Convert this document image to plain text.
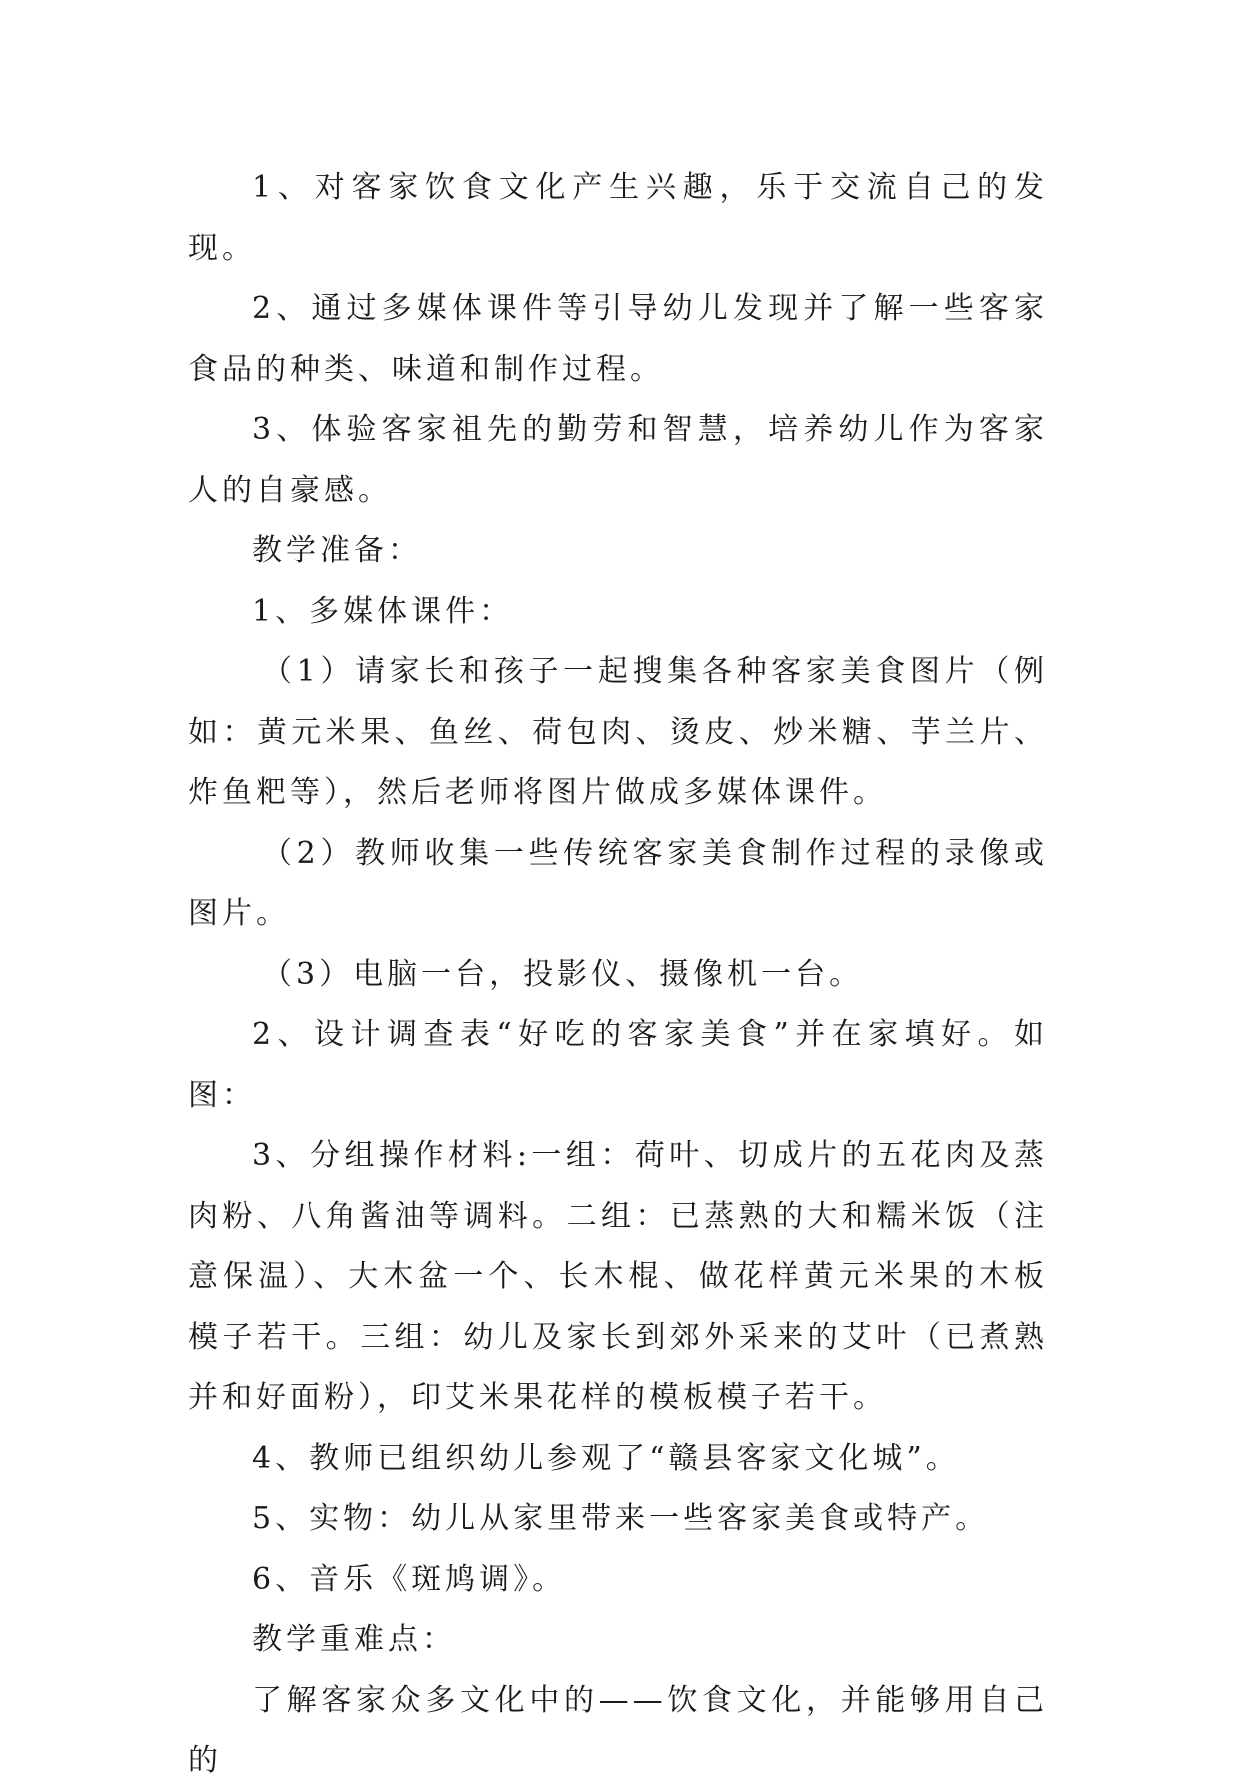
1、对客家饮食文化产生兴趣，乐于交流自己的发现。

2、通过多媒体课件等引导幼儿发现并了解一些客家食品的种类、味道和制作过程。

3、体验客家祖先的勤劳和智慧，培养幼儿作为客家人的自豪感。

教学准备：

1、多媒体课件：

（1）请家长和孩子一起搜集各种客家美食图片（例如：黄元米果、鱼丝、荷包肉、烫皮、炒米糖、芋兰片、炸鱼粑等），然后老师将图片做成多媒体课件。

（2）教师收集一些传统客家美食制作过程的录像或图片。

（3）电脑一台，投影仪、摄像机一台。

2、设计调查表“好吃的客家美食”并在家填好。如图：

3、分组操作材料:一组：荷叶、切成片的五花肉及蒸肉粉、八角酱油等调料。二组：已蒸熟的大和糯米饭（注意保温）、大木盆一个、长木棍、做花样黄元米果的木板模子若干。三组：幼儿及家长到郊外采来的艾叶（已煮熟并和好面粉），印艾米果花样的模板模子若干。

4、教师已组织幼儿参观了“赣县客家文化城”。

5、实物：幼儿从家里带来一些客家美食或特产。

6、音乐《斑鸠调》。

教学重难点：

了解客家众多文化中的——饮食文化，并能够用自己的
